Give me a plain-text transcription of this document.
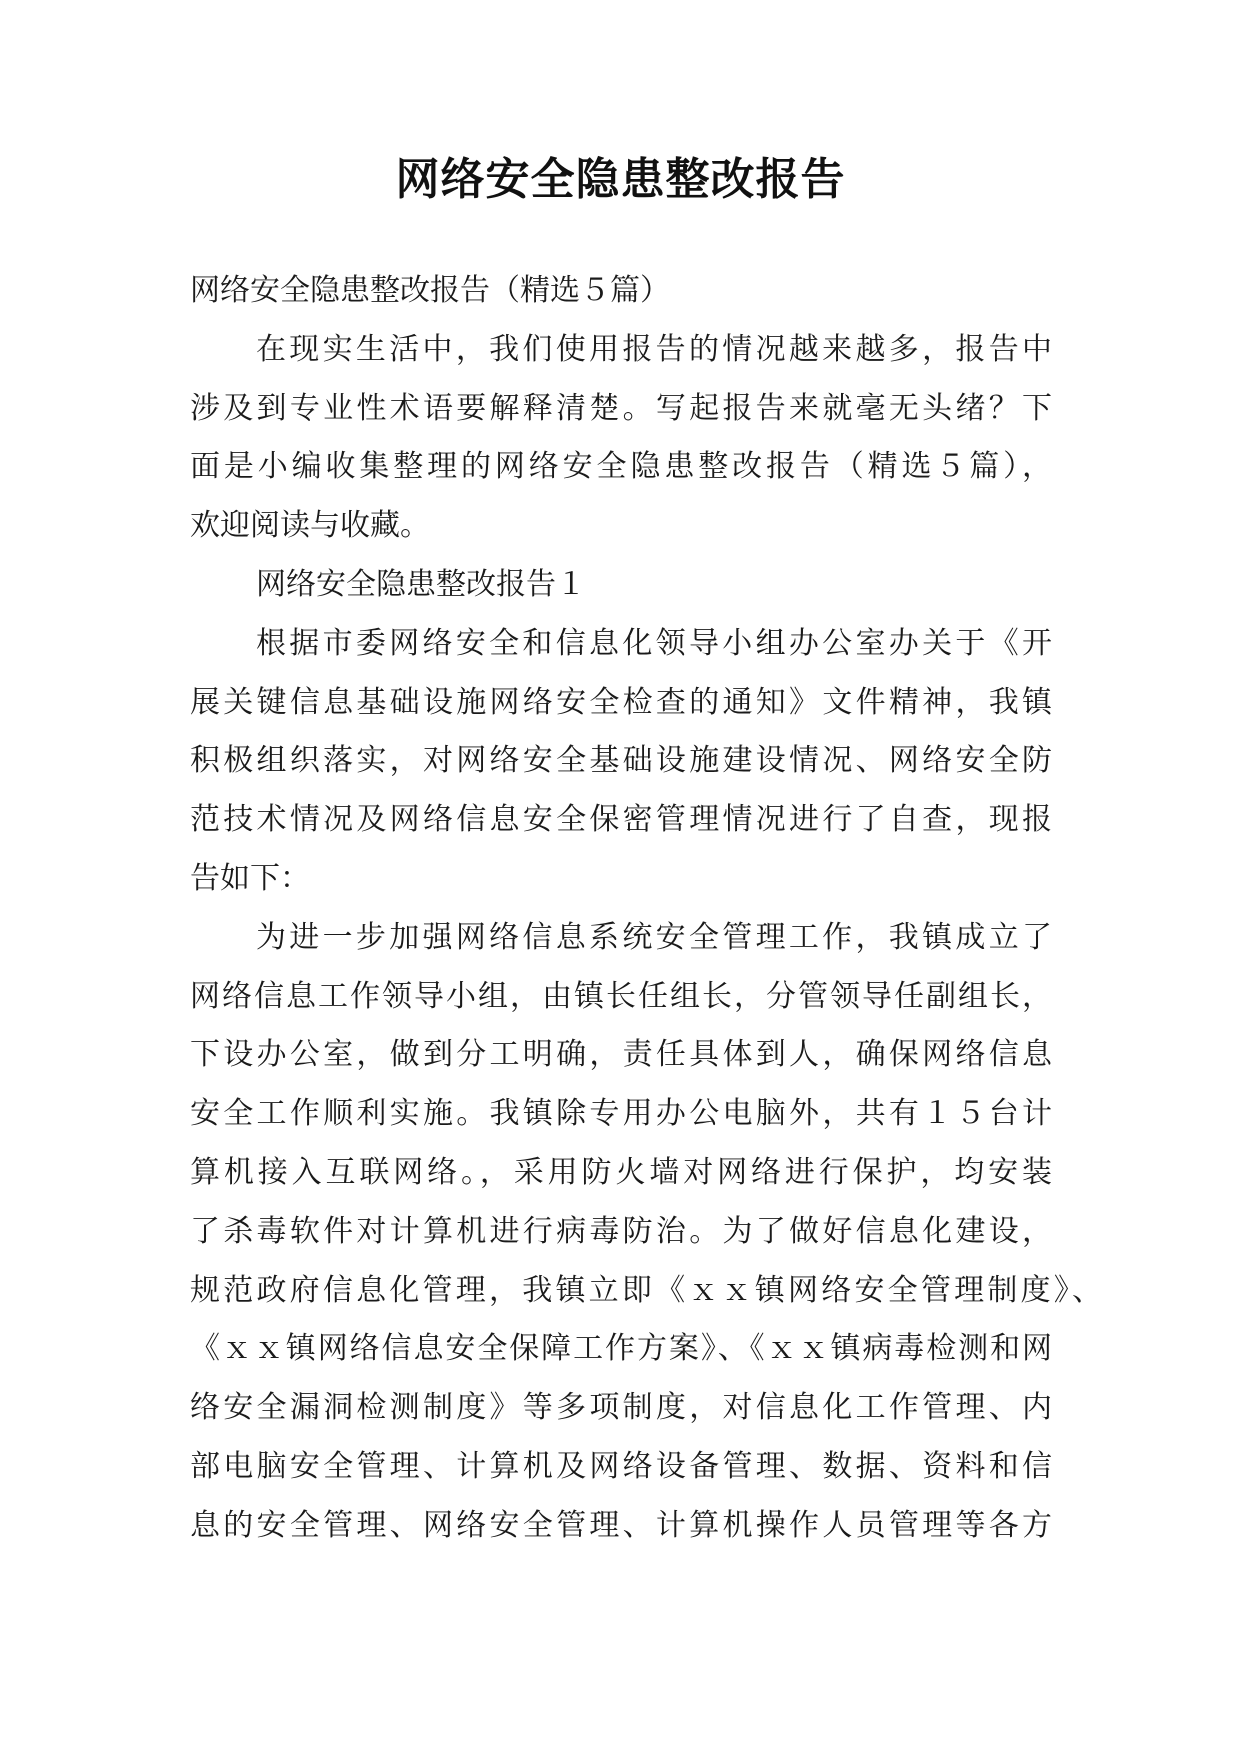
网络安全隐患整改报告
网络安全隐患整改报告（精选５篇）
在现实生活中，我们使用报告的情况越来越多，报告中
涉及到专业性术语要解释清楚。写起报告来就毫无头绪？下
面是小编收集整理的网络安全隐患整改报告（精选５篇），
欢迎阅读与收藏。
网络安全隐患整改报告１
根据市委网络安全和信息化领导小组办公室办关于《开
展关键信息基础设施网络安全检查的通知》文件精神，我镇
积极组织落实，对网络安全基础设施建设情况、网络安全防
范技术情况及网络信息安全保密管理情况进行了自查，现报
告如下：
为进一步加强网络信息系统安全管理工作，我镇成立了
网络信息工作领导小组，由镇长任组长，分管领导任副组长，
下设办公室，做到分工明确，责任具体到人，确保网络信息
安全工作顺利实施。我镇除专用办公电脑外，共有１５台计
算机接入互联网络。，采用防火墙对网络进行保护，均安装
了杀毒软件对计算机进行病毒防治。为了做好信息化建设，
规范政府信息化管理，我镇立即《ｘｘ镇网络安全管理制度》、
《ｘｘ镇网络信息安全保障工作方案》、《ｘｘ镇病毒检测和网
络安全漏洞检测制度》等多项制度，对信息化工作管理、内
部电脑安全管理、计算机及网络设备管理、数据、资料和信
息的安全管理、网络安全管理、计算机操作人员管理等各方
